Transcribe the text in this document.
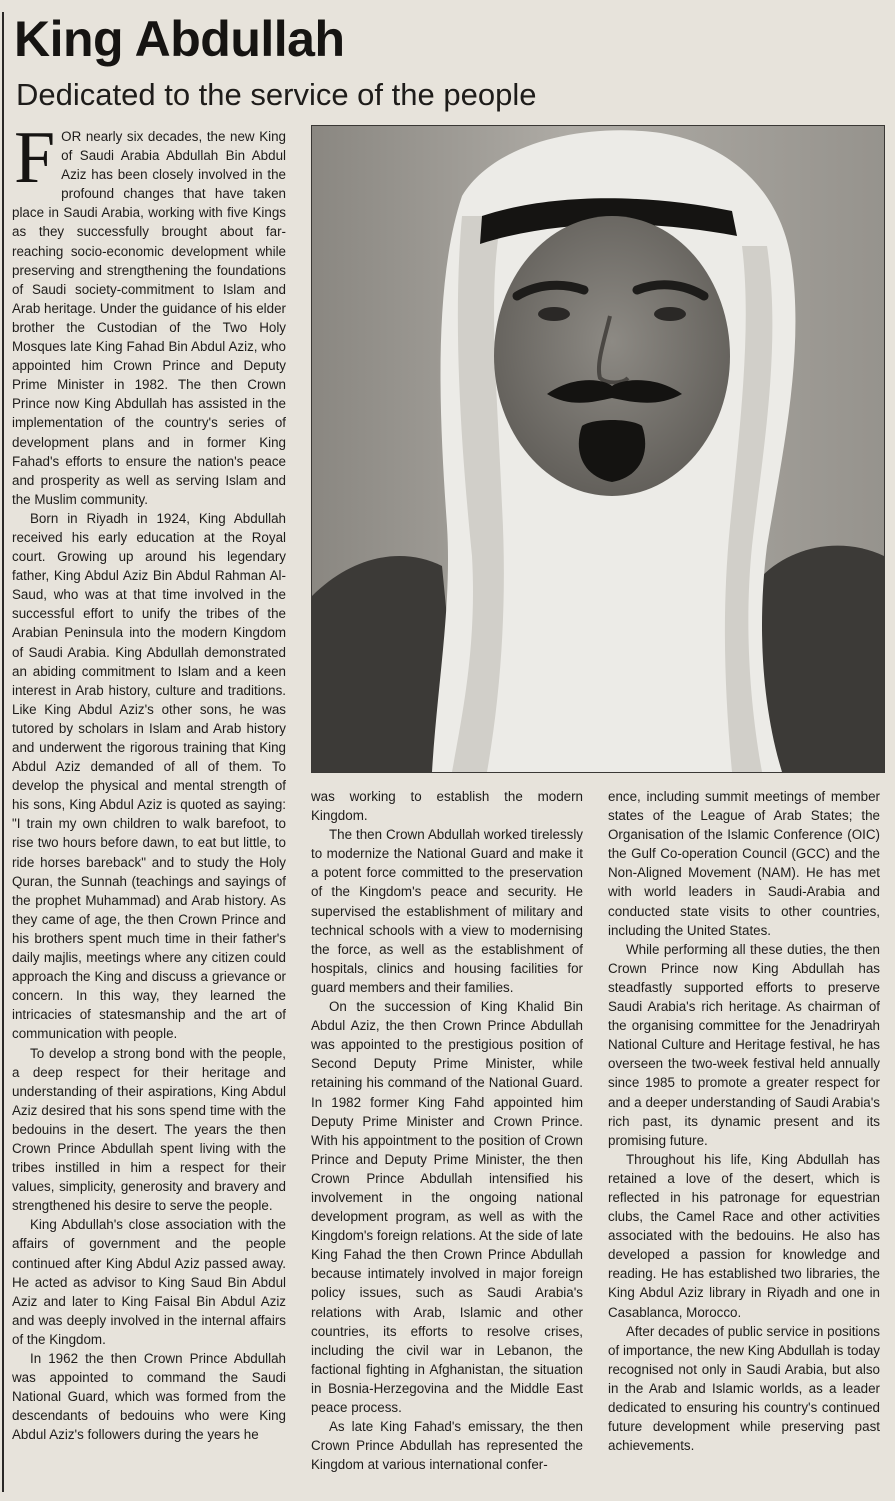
King Abdullah
Dedicated to the service of the people

FOR nearly six decades, the new King of Saudi Arabia Abdullah Bin Abdul Aziz has been closely involved in the profound changes that have taken place in Saudi Arabia, working with five Kings as they successfully brought about far-reaching socio-economic development while preserving and strengthening the foundations of Saudi society-commitment to Islam and Arab heritage. Under the guidance of his elder brother the Custodian of the Two Holy Mosques late King Fahad Bin Abdul Aziz, who appointed him Crown Prince and Deputy Prime Minister in 1982. The then Crown Prince now King Abdullah has assisted in the implementation of the country's series of development plans and in former King Fahad's efforts to ensure the nation's peace and prosperity as well as serving Islam and the Muslim community.

Born in Riyadh in 1924, King Abdullah received his early education at the Royal court. Growing up around his legendary father, King Abdul Aziz Bin Abdul Rahman Al-Saud, who was at that time involved in the successful effort to unify the tribes of the Arabian Peninsula into the modern Kingdom of Saudi Arabia. King Abdullah demonstrated an abiding commitment to Islam and a keen interest in Arab history, culture and traditions. Like King Abdul Aziz's other sons, he was tutored by scholars in Islam and Arab history and underwent the rigorous training that King Abdul Aziz demanded of all of them. To develop the physical and mental strength of his sons, King Abdul Aziz is quoted as saying: "I train my own children to walk barefoot, to rise two hours before dawn, to eat but little, to ride horses bareback" and to study the Holy Quran, the Sunnah (teachings and sayings of the prophet Muhammad) and Arab history. As they came of age, the then Crown Prince and his brothers spent much time in their father's daily majlis, meetings where any citizen could approach the King and discuss a grievance or concern. In this way, they learned the intricacies of statesmanship and the art of communication with people.

To develop a strong bond with the people, a deep respect for their heritage and understanding of their aspirations, King Abdul Aziz desired that his sons spend time with the bedouins in the desert. The years the then Crown Prince Abdullah spent living with the tribes instilled in him a respect for their values, simplicity, generosity and bravery and strengthened his desire to serve the people.

King Abdullah's close association with the affairs of government and the people continued after King Abdul Aziz passed away. He acted as advisor to King Saud Bin Abdul Aziz and later to King Faisal Bin Abdul Aziz and was deeply involved in the internal affairs of the Kingdom.

In 1962 the then Crown Prince Abdullah was appointed to command the Saudi National Guard, which was formed from the descendants of bedouins who were King Abdul Aziz's followers during the years he

was working to establish the modern Kingdom.

The then Crown Abdullah worked tirelessly to modernize the National Guard and make it a potent force committed to the preservation of the Kingdom's peace and security. He supervised the establishment of military and technical schools with a view to modernising the force, as well as the establishment of hospitals, clinics and housing facilities for guard members and their families.

On the succession of King Khalid Bin Abdul Aziz, the then Crown Prince Abdullah was appointed to the prestigious position of Second Deputy Prime Minister, while retaining his command of the National Guard. In 1982 former King Fahd appointed him Deputy Prime Minister and Crown Prince. With his appointment to the position of Crown Prince and Deputy Prime Minister, the then Crown Prince Abdullah intensified his involvement in the ongoing national development program, as well as with the Kingdom's foreign relations. At the side of late King Fahad the then Crown Prince Abdullah because intimately involved in major foreign policy issues, such as Saudi Arabia's relations with Arab, Islamic and other countries, its efforts to resolve crises, including the civil war in Lebanon, the factional fighting in Afghanistan, the situation in Bosnia-Herzegovina and the Middle East peace process.

As late King Fahad's emissary, the then Crown Prince Abdullah has represented the Kingdom at various international confer-

ence, including summit meetings of member states of the League of Arab States; the Organisation of the Islamic Conference (OIC) the Gulf Co-operation Council (GCC) and the Non-Aligned Movement (NAM). He has met with world leaders in Saudi-Arabia and conducted state visits to other countries, including the United States.

While performing all these duties, the then Crown Prince now King Abdullah has steadfastly supported efforts to preserve Saudi Arabia's rich heritage. As chairman of the organising committee for the Jenadriryah National Culture and Heritage festival, he has overseen the two-week festival held annually since 1985 to promote a greater respect for and a deeper understanding of Saudi Arabia's rich past, its dynamic present and its promising future.

Throughout his life, King Abdullah has retained a love of the desert, which is reflected in his patronage for equestrian clubs, the Camel Race and other activities associated with the bedouins. He also has developed a passion for knowledge and reading. He has established two libraries, the King Abdul Aziz library in Riyadh and one in Casablanca, Morocco.

After decades of public service in positions of importance, the new King Abdullah is today recognised not only in Saudi Arabia, but also in the Arab and Islamic worlds, as a leader dedicated to ensuring his country's continued future development while preserving past achievements.
